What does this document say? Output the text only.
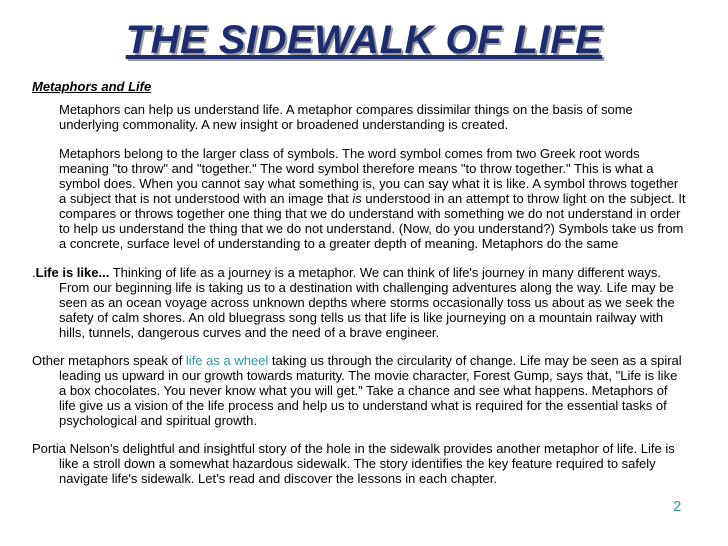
THE SIDEWALK OF LIFE

Metaphors and Life

Metaphors can help us understand life. A metaphor compares dissimilar things on the basis of some underlying commonality. A new insight or broadened understanding is created.

Metaphors belong to the larger class of symbols. The word symbol comes from two Greek root words meaning "to throw" and "together." The word symbol therefore means "to throw together." This is what a symbol does. When you cannot say what something is, you can say what it is like. A symbol throws together a subject that is not understood with an image that is understood in an attempt to throw light on the subject. It compares or throws together one thing that we do understand with something we do not understand in order to help us understand the thing that we do not understand. (Now, do you understand?) Symbols take us from a concrete, surface level of understanding to a greater depth of meaning. Metaphors do the same

.Life is like... Thinking of life as a journey is a metaphor. We can think of life's journey in many different ways. From our beginning life is taking us to a destination with challenging adventures along the way. Life may be seen as an ocean voyage across unknown depths where storms occasionally toss us about as we seek the safety of calm shores. An old bluegrass song tells us that life is like journeying on a mountain railway with hills, tunnels, dangerous curves and the need of a brave engineer.

Other metaphors speak of life as a wheel taking us through the circularity of change. Life may be seen as a spiral leading us upward in our growth towards maturity. The movie character, Forest Gump, says that, "Life is like a box chocolates. You never know what you will get." Take a chance and see what happens. Metaphors of life give us a vision of the life process and help us to understand what is required for the essential tasks of psychological and spiritual growth.

Portia Nelson's delightful and insightful story of the hole in the sidewalk provides another metaphor of life. Life is like a stroll down a somewhat hazardous sidewalk. The story identifies the key feature required to safely navigate life's sidewalk. Let’s read and discover the lessons in each chapter.

2
